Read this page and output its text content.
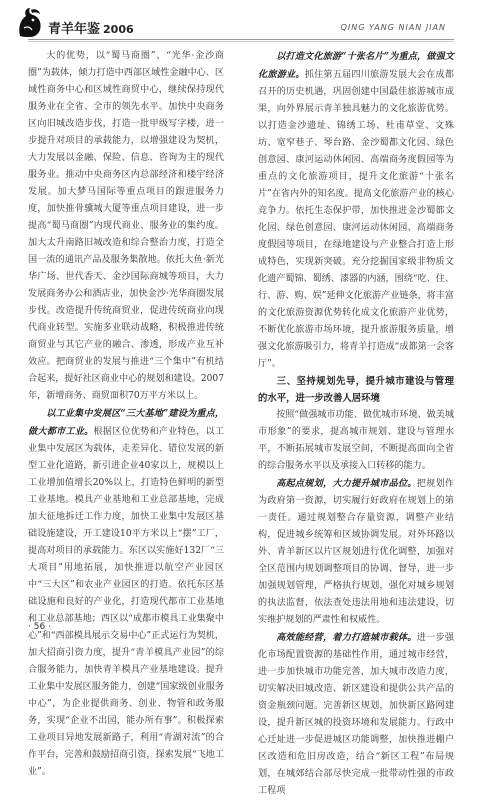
青羊年鉴 2006	QING YANG NIAN JIAN

大的优势，以“蜀马商圈”、“光华·金沙商圈”为载体，倾力打造中西部区域性金融中心、区域性商务中心和区域性商贸中心，继续保持现代服务业在全省、全市的领先水平。加快中央商务区向旧城改造步伐，打造一批甲级写字楼，进一步提升对项目的承载能力，以增强建设为契机，大力发展以金融、保险、信息、咨询为主的现代服务业。推动中央商务区内总部经济和楼宇经济发展。加大梦马国际等重点项目的跟进服务力度，加快推骨骥城大厦等重点项目建设，进一步提高“蜀马商圈”内现代商业、服务业的集约度。加大太升南路旧城改造和综合整治力度，打造全国一流的通讯产品及服务集散地。依托大鱼·新光华广场、世代香天、金沙国际商城等项目，大力发展商务办公和酒店业，加快金沙·光华商圈发展步伐。改造提升传统商贸业，促进传统商业向现代商业转型。实施多业联动战略，积极推进传统商贸业与其它产业的融合、渗透，形成产业互补效应。把商贸业的发展与推进“三个集中”有机结合起来，提好社区商业中心的规划和建设。2007年，新增商务、商贸面积70万平方米以上。

以工业集中发展区“三大基地”建设为重点，做大都市工业。根据区位优势和产业特色，以工业集中发展区为载体，走差异化、错位发展的新型工业化道路，新引进企业40家以上，规模以上工业增加值增长20%以上，打造特色鲜明的新型工业基地。模具产业基地和工业总部基地，完成加大征地拆迁工作力度，加快工业集中发展区基础设施建设，开工建设10平方米以上“摆”工厂，提高对项目的承载能力。东区以实施好132厂“三大项目”用地拓展，加快推进以航空产业园区中“三大区”和农业产业园区的打造。依托东区基础设施和良好的产业化，打造现代都市工业基地和工业总部基地；西区以“成都市模具工业集聚中心”和“西部模具展示交易中心”正式运行为契机，加大招商引资力度，提升“青羊模具产业园”的综合服务能力，加快青羊模具产业基地建设。提升工业集中发展区服务能力，创建“国家级创业服务中心”，为企业提供商务、创业、物管和政务服务，实现“企业不出园，能办所有事”。积极探索工业项目异地发展新路子，利用“青湖对流”的合作平台，完善和鼓励招商引资，探索发展“飞地工业”。

以打造文化旅游“十张名片”为重点，做强文化旅游业。抓住第五届四川旅游发展大会在成都召开的历史机遇，巩固创建中国最佳旅游城市成果，向外界展示青羊独具魅力的文化旅游优势。以打造金沙遗址、锦绣工场、杜甫草堂、文殊坊、宽窄巷子、琴台路、金沙蜀都文化园、绿色创意园、康河运动休闲园、高端商务度假园等为重点的文化旅游项目，提升文化旅游“十张名片”在省内外的知名度。提高文化旅游产业的核心竞争力。依托生态保护带，加快推进金沙蜀都文化园、绿色创意园、康河运动休闲园、高端商务度假园等项目，在绿地建设与产业整合打造上形成特色，实现新突破。充分挖掘国家级非物质文化遗产蜀锦、蜀绣、漆器的内涵，围绕“吃、住、行、游、购、娱”延伸文化旅游产业链条，将丰富的文化旅游资源优势转化成文化旅游产业优势，不断优化旅游市场环境，提升旅游服务质量，增强文化旅游吸引力，将青羊打造成“成都第一会客厅”。

三、坚持规划先导，提升城市建设与管理的水平，进一步改善人居环境

按照“做强城市功能、做优城市环境、做美城市形象”的要求，提高城市规划、建设与管理水平，不断拓展城市发展空间，不断提高面向全省的综合服务水平以及承接入口转移的能力。

高起点规划，大力提升城市品位。把规划作为政府第一资源，切实履行好政府在规划上的第一责任。通过规划整合存量资源，调整产业结构，促进城乡统筹和区域协调发展。对外环路以外、青羊新区以片区规划进行优化调整，加强对全区范围内规划调整项目的协调、督导，进一步加强规划管理，严格执行规划，强化对城乡规划的执法监督，依法查处违法用地和违法建设，切实维护规划的严肃性和权威性。

高效能经营，着力打造城市载体。进一步强化市场配置资源的基础性作用，通过城市经营，进一步加快城市功能完善，加大城市改造力度，切实解决旧城改造、新区建设和提供公共产品的资金瓶颈问题。完善新区规划，加快新区路网建设，提升新区城的投资环境和发展能力。行政中心迁址进一步促进城区功能调整，加快推进棚户区改造和危旧房改造，结合“新区工程”布局规划，在城郊结合部尽快完成一批带动性强的市政工程项

· 56 ·
